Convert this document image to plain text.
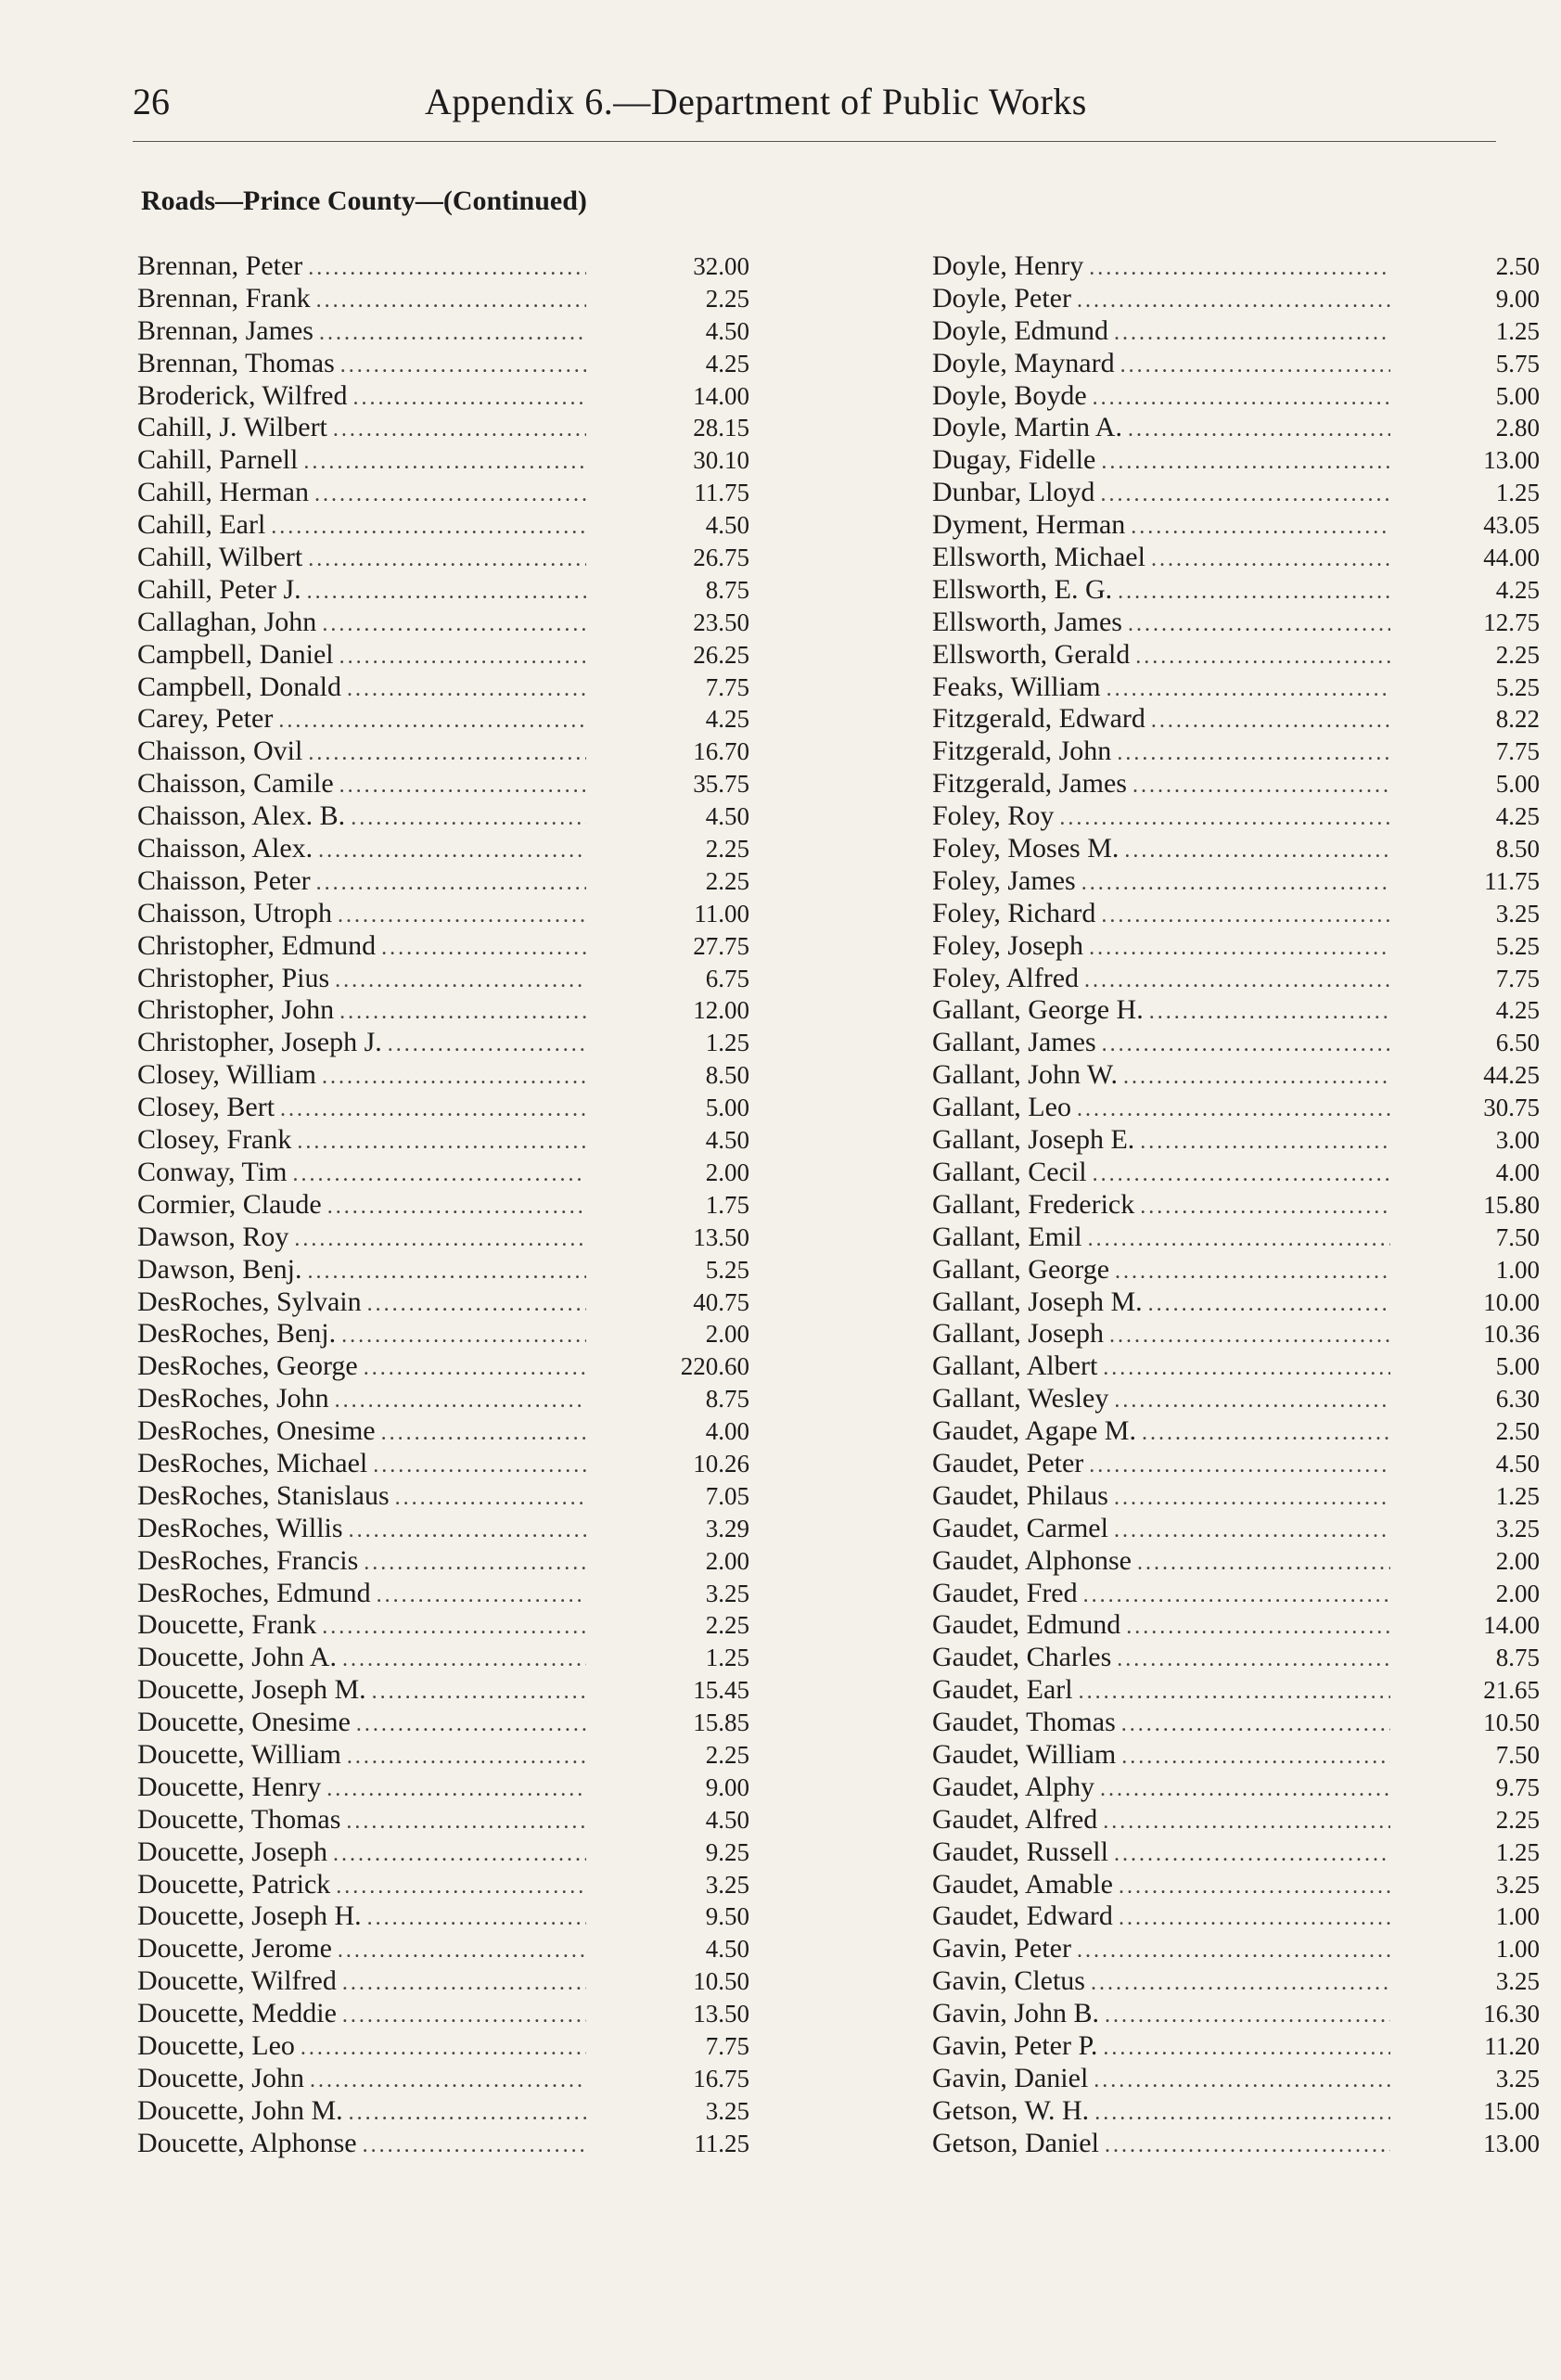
26	Appendix 6.—Department of Public Works
Roads—Prince County—(Continued)
Brennan, Peter .....	32.00
Brennan, Frank .....	2.25
Brennan, James .....	4.50
Brennan, Thomas .....	4.25
Broderick, Wilfred .....	14.00
Cahill, J. Wilbert .....	28.15
Cahill, Parnell .....	30.10
Cahill, Herman .....	11.75
Cahill, Earl .....	4.50
Cahill, Wilbert .....	26.75
Cahill, Peter J. .....	8.75
Callaghan, John .....	23.50
Campbell, Daniel .....	26.25
Campbell, Donald .....	7.75
Carey, Peter .....	4.25
Chaisson, Ovil .....	16.70
Chaisson, Camile .....	35.75
Chaisson, Alex. B. .....	4.50
Chaisson, Alex. .....	2.25
Chaisson, Peter .....	2.25
Chaisson, Utroph .....	11.00
Christopher, Edmund .....	27.75
Christopher, Pius .....	6.75
Christopher, John .....	12.00
Christopher, Joseph J. .....	1.25
Closey, William .....	8.50
Closey, Bert .....	5.00
Closey, Frank .....	4.50
Conway, Tim .....	2.00
Cormier, Claude .....	1.75
Dawson, Roy .....	13.50
Dawson, Benj. .....	5.25
DesRoches, Sylvain .....	40.75
DesRoches, Benj. .....	2.00
DesRoches, George .....	220.60
DesRoches, John .....	8.75
DesRoches, Onesime .....	4.00
DesRoches, Michael .....	10.26
DesRoches, Stanislaus .....	7.05
DesRoches, Willis .....	3.29
DesRoches, Francis .....	2.00
DesRoches, Edmund .....	3.25
Doucette, Frank .....	2.25
Doucette, John A. .....	1.25
Doucette, Joseph M. .....	15.45
Doucette, Onesime .....	15.85
Doucette, William .....	2.25
Doucette, Henry .....	9.00
Doucette, Thomas .....	4.50
Doucette, Joseph .....	9.25
Doucette, Patrick .....	3.25
Doucette, Joseph H. .....	9.50
Doucette, Jerome .....	4.50
Doucette, Wilfred .....	10.50
Doucette, Meddie .....	13.50
Doucette, Leo .....	7.75
Doucette, John .....	16.75
Doucette, John M. .....	3.25
Doucette, Alphonse .....	11.25
Doyle, Henry .....	2.50
Doyle, Peter .....	9.00
Doyle, Edmund .....	1.25
Doyle, Maynard .....	5.75
Doyle, Boyde .....	5.00
Doyle, Martin A. .....	2.80
Dugay, Fidelle .....	13.00
Dunbar, Lloyd .....	1.25
Dyment, Herman .....	43.05
Ellsworth, Michael .....	44.00
Ellsworth, E. G. .....	4.25
Ellsworth, James .....	12.75
Ellsworth, Gerald .....	2.25
Feaks, William .....	5.25
Fitzgerald, Edward .....	8.22
Fitzgerald, John .....	7.75
Fitzgerald, James .....	5.00
Foley, Roy .....	4.25
Foley, Moses M. .....	8.50
Foley, James .....	11.75
Foley, Richard .....	3.25
Foley, Joseph .....	5.25
Foley, Alfred .....	7.75
Gallant, George H. .....	4.25
Gallant, James .....	6.50
Gallant, John W. .....	44.25
Gallant, Leo .....	30.75
Gallant, Joseph E. .....	3.00
Gallant, Cecil .....	4.00
Gallant, Frederick .....	15.80
Gallant, Emil .....	7.50
Gallant, George .....	1.00
Gallant, Joseph M. .....	10.00
Gallant, Joseph .....	10.36
Gallant, Albert .....	5.00
Gallant, Wesley .....	6.30
Gaudet, Agape M. .....	2.50
Gaudet, Peter .....	4.50
Gaudet, Philaus .....	1.25
Gaudet, Carmel .....	3.25
Gaudet, Alphonse .....	2.00
Gaudet, Fred .....	2.00
Gaudet, Edmund .....	14.00
Gaudet, Charles .....	8.75
Gaudet, Earl .....	21.65
Gaudet, Thomas .....	10.50
Gaudet, William .....	7.50
Gaudet, Alphy .....	9.75
Gaudet, Alfred .....	2.25
Gaudet, Russell .....	1.25
Gaudet, Amable .....	3.25
Gaudet, Edward .....	1.00
Gavin, Peter .....	1.00
Gavin, Cletus .....	3.25
Gavin, John B. .....	16.30
Gavin, Peter P. .....	11.20
Gavin, Daniel .....	3.25
Getson, W. H. .....	15.00
Getson, Daniel .....	13.00
